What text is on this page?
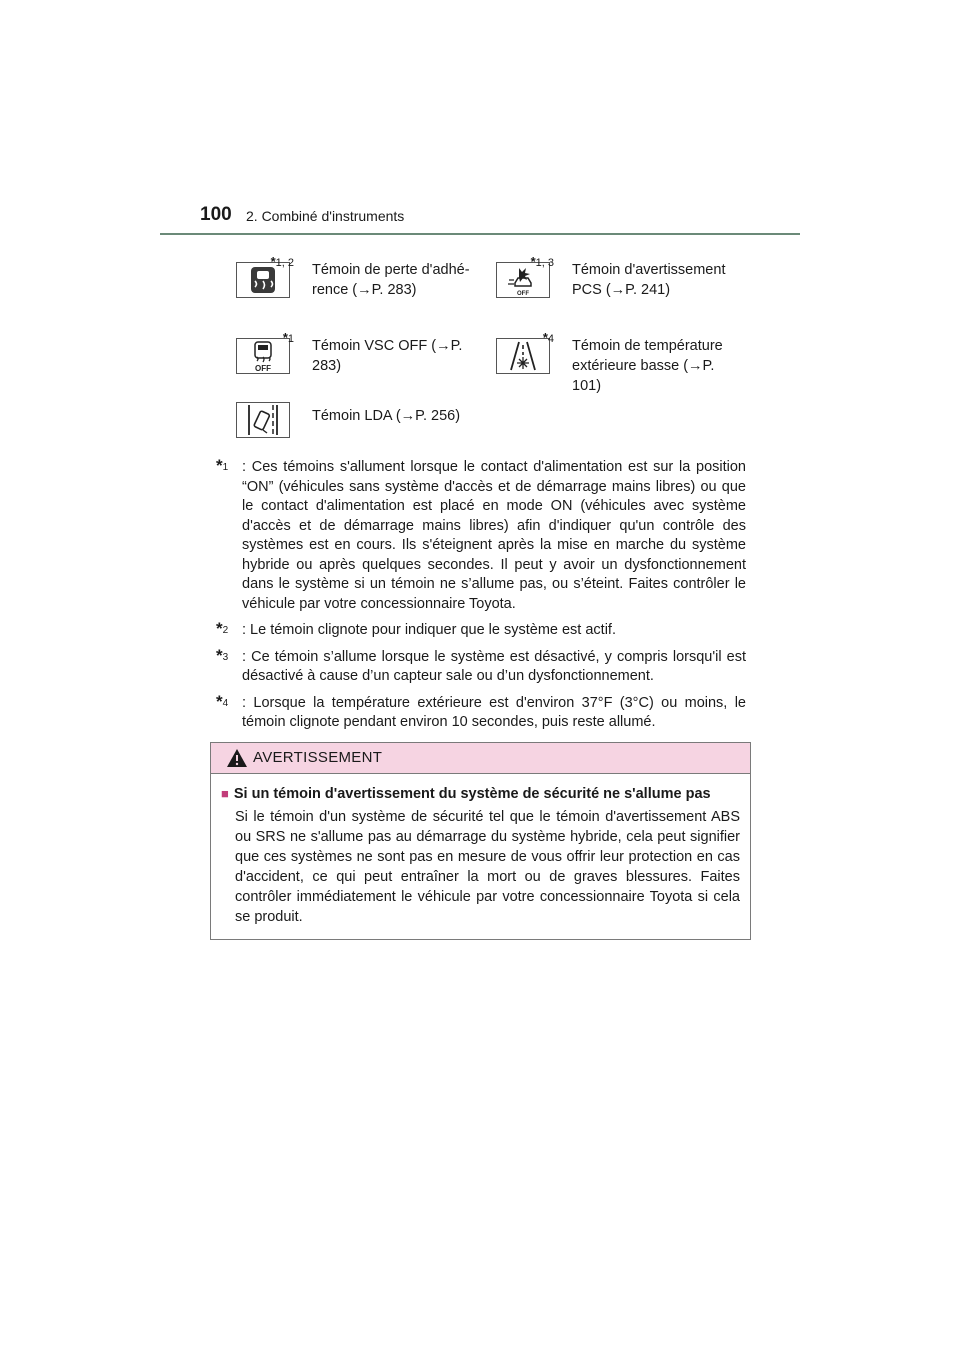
100 2. Combiné d'instruments
*1, 2 Témoin de perte d'adhé-rence (→P. 283)	OFF
*1, 3 Témoin d'avertissement PCS (→P. 241)
OFF
*1 Témoin VSC OFF (→P. 283)
*4 Témoin de température extérieure basse (→P. 101)
Témoin LDA (→P. 256)
*$^1$ : Ces témoins s'allument lorsque le contact d'alimentation est sur la position “ON” (véhicules sans système d'accès et de démarrage mains libres) ou que le contact d'alimentation est placé en mode ON (véhicules avec système d'accès et de démarrage mains libres) afin d'indiquer qu'un contrôle des systèmes est en cours. Ils s'éteignent après la mise en marche du système hybride ou après quelques secondes. Il peut y avoir un dysfonctionnement dans le système si un témoin ne s’allume pas, ou s’éteint. Faites contrôler le véhicule par votre concessionnaire Toyota.
*$^2$ : Le témoin clignote pour indiquer que le système est actif.
*$^3$ : Ce témoin s’allume lorsque le système est désactivé, y compris lorsqu'il est désactivé à cause d’un capteur sale ou d’un dysfonctionnement.
*$^4$ : Lorsque la température extérieure est d'environ 37°F (3°C) ou moins, le témoin clignote pendant environ 10 secondes, puis reste allumé.
AVERTISSEMENT
■ Si un témoin d'avertissement du système de sécurité ne s'allume pas
Si le témoin d'un système de sécurité tel que le témoin d'avertissement ABS ou SRS ne s'allume pas au démarrage du système hybride, cela peut signifier que ces systèmes ne sont pas en mesure de vous offrir leur protection en cas d'accident, ce qui peut entraîner la mort ou de graves blessures. Faites contrôler immédiatement le véhicule par votre concessionnaire Toyota si cela se produit.
